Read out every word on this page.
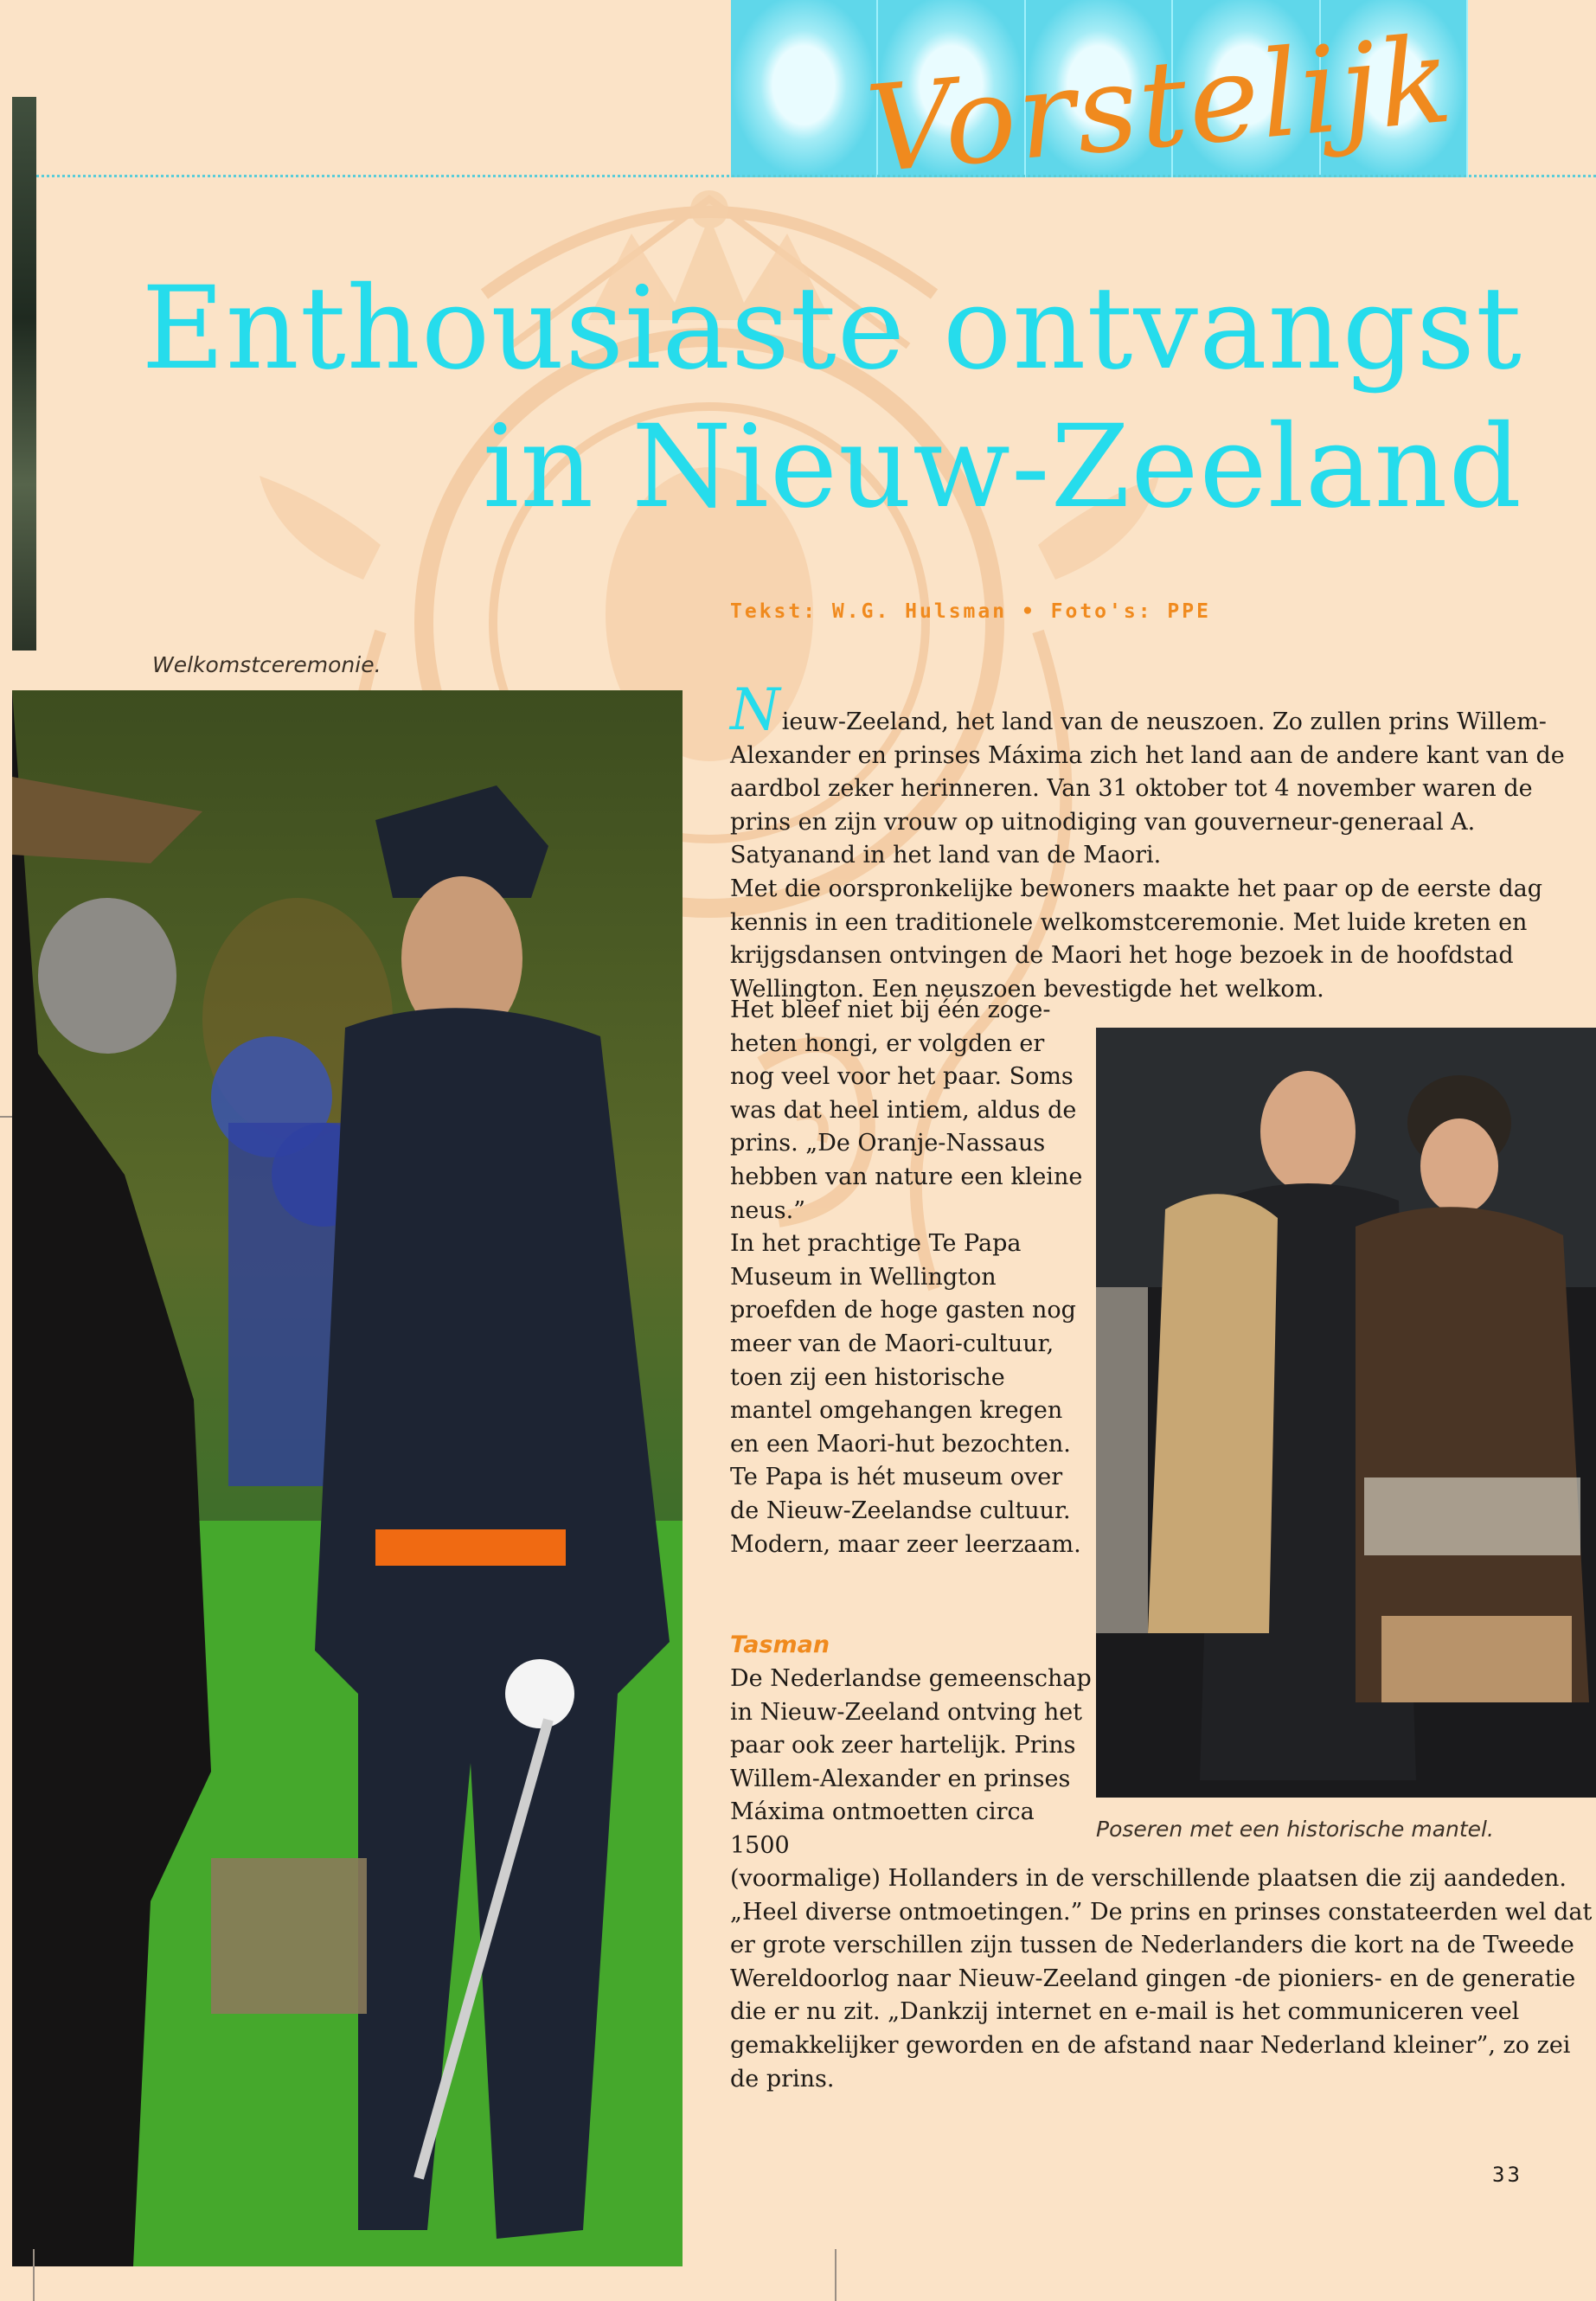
Vorstelijk
Enthousiaste ontvangst
in Nieuw-Zeeland

Tekst: W.G. Hulsman • Foto's: PPE

Welkomstceremonie.

Nieuw-Zeeland, het land van de neuszoen. Zo zullen prins Willem-Alexander en prinses Máxima zich het land aan de andere kant van de aardbol zeker herinneren. Van 31 oktober tot 4 november waren de prins en zijn vrouw op uitnodiging van gouverneur-generaal A. Satyanand in het land van de Maori.
Met die oorspronkelijke bewoners maakte het paar op de eerste dag kennis in een traditionele welkomstceremonie. Met luide kreten en krijgsdansen ontvingen de Maori het hoge bezoek in de hoofdstad Wellington. Een neuszoen bevestigde het welkom.

Het bleef niet bij één zogeheten hongi, er volgden er nog veel voor het paar. Soms was dat heel intiem, aldus de prins. „De Oranje-Nassaus hebben van nature een kleine neus.”
In het prachtige Te Papa Museum in Wellington proefden de hoge gasten nog meer van de Maori-cultuur, toen zij een historische mantel omgehangen kregen en een Maori-hut bezochten. Te Papa is hét museum over de Nieuw-Zeelandse cultuur. Modern, maar zeer leerzaam.

Tasman

De Nederlandse gemeenschap in Nieuw-Zeeland ontving het paar ook zeer hartelijk. Prins Willem-Alexander en prinses Máxima ontmoetten circa 1500

Poseren met een historische mantel.

(voormalige) Hollanders in de verschillende plaatsen die zij aandeden. „Heel diverse ontmoetingen.” De prins en prinses constateerden wel dat er grote verschillen zijn tussen de Nederlanders die kort na de Tweede Wereldoorlog naar Nieuw-Zeeland gingen -de pioniers- en de generatie die er nu zit. „Dankzij internet en e-mail is het communiceren veel gemakkelijker geworden en de afstand naar Nederland kleiner”, zo zei de prins.

33
